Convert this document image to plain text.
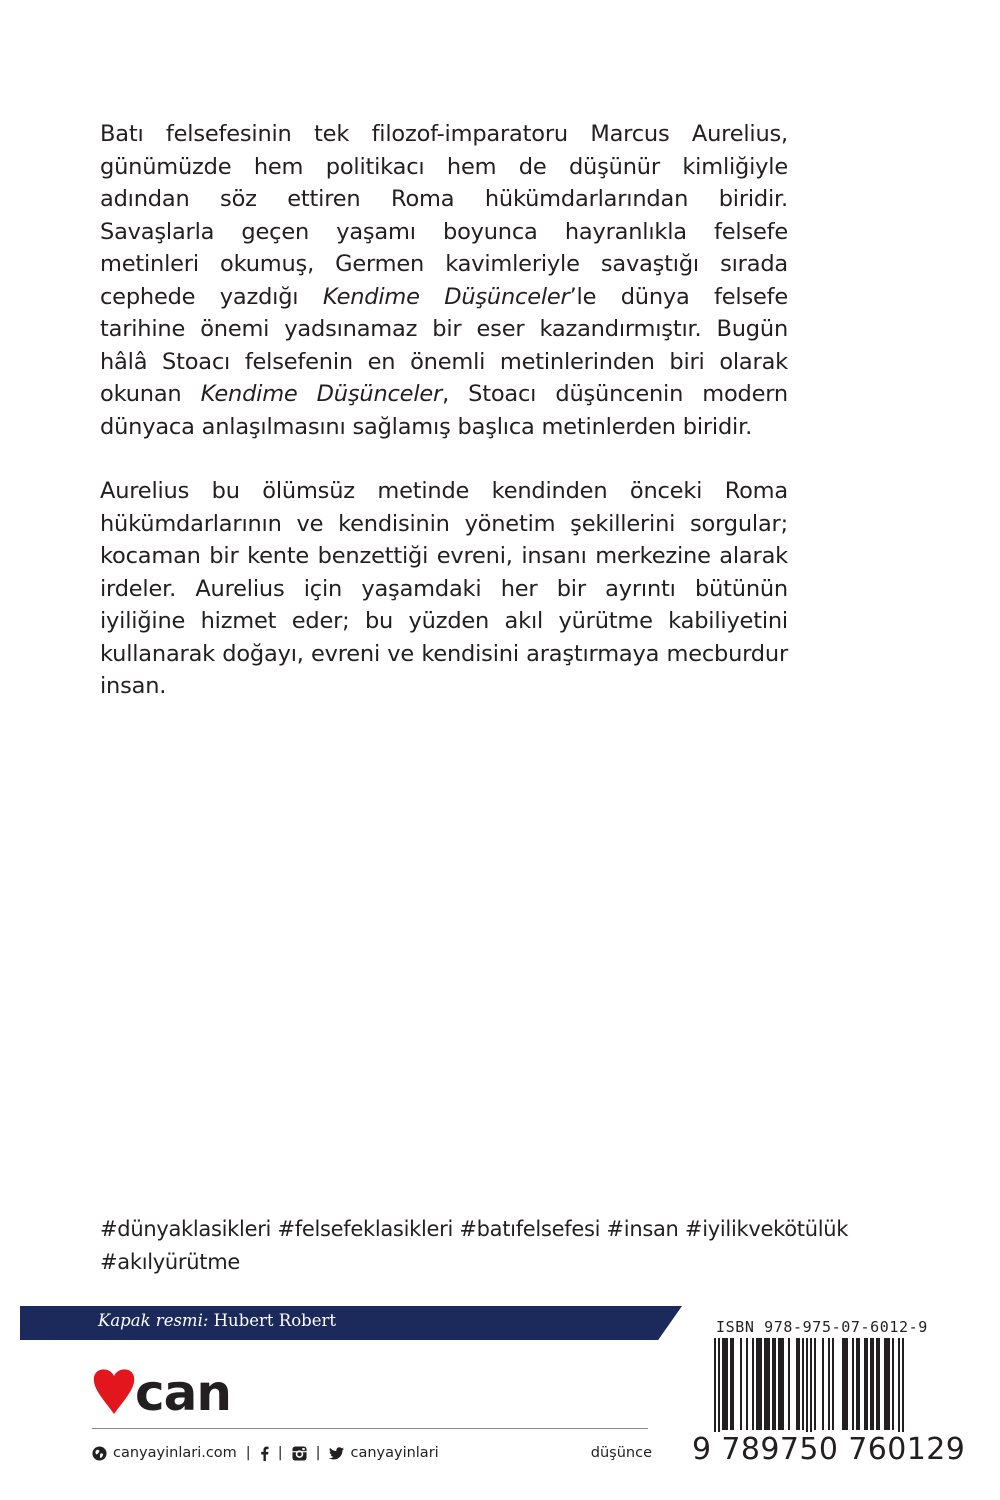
Batı felsefesinin tek filozof-imparatoru Marcus Aurelius, günümüzde hem politikacı hem de düşünür kimliğiyle adından söz ettiren Roma hükümdarlarından biridir. Savaşlarla geçen yaşamı boyunca hayranlıkla felsefe metinleri okumuş, Germen kavimleriyle savaştığı sırada cephede yazdığı Kendime Düşünceler’le dünya felsefe tarihine önemi yadsınamaz bir eser kazandırmıştır. Bugün hâlâ Stoacı felsefenin en önemli metinlerinden biri olarak okunan Kendime Düşünceler, Stoacı düşüncenin modern dünyaca anlaşılmasını sağlamış başlıca metinlerden biridir.

Aurelius bu ölümsüz metinde kendinden önceki Roma hükümdarlarının ve kendisinin yönetim şekillerini sorgular; kocaman bir kente benzettiği evreni, insanı merkezine alarak irdeler. Aurelius için yaşamdaki her bir ayrıntı bütünün iyiliğine hizmet eder; bu yüzden akıl yürütme kabiliyetini kullanarak doğayı, evreni ve kendisini araştırmaya mecburdur insan.

#dünyaklasikleri #felsefeklasikleri #batıfelsefesi #insan #iyilikvekötülük
#akılyürütme
Kapak resmi: Hubert Robert
can
canyayinlari.com | | | canyayinlari	düşünce
ISBN 978-975-07-6012-9
9 789750 760129
